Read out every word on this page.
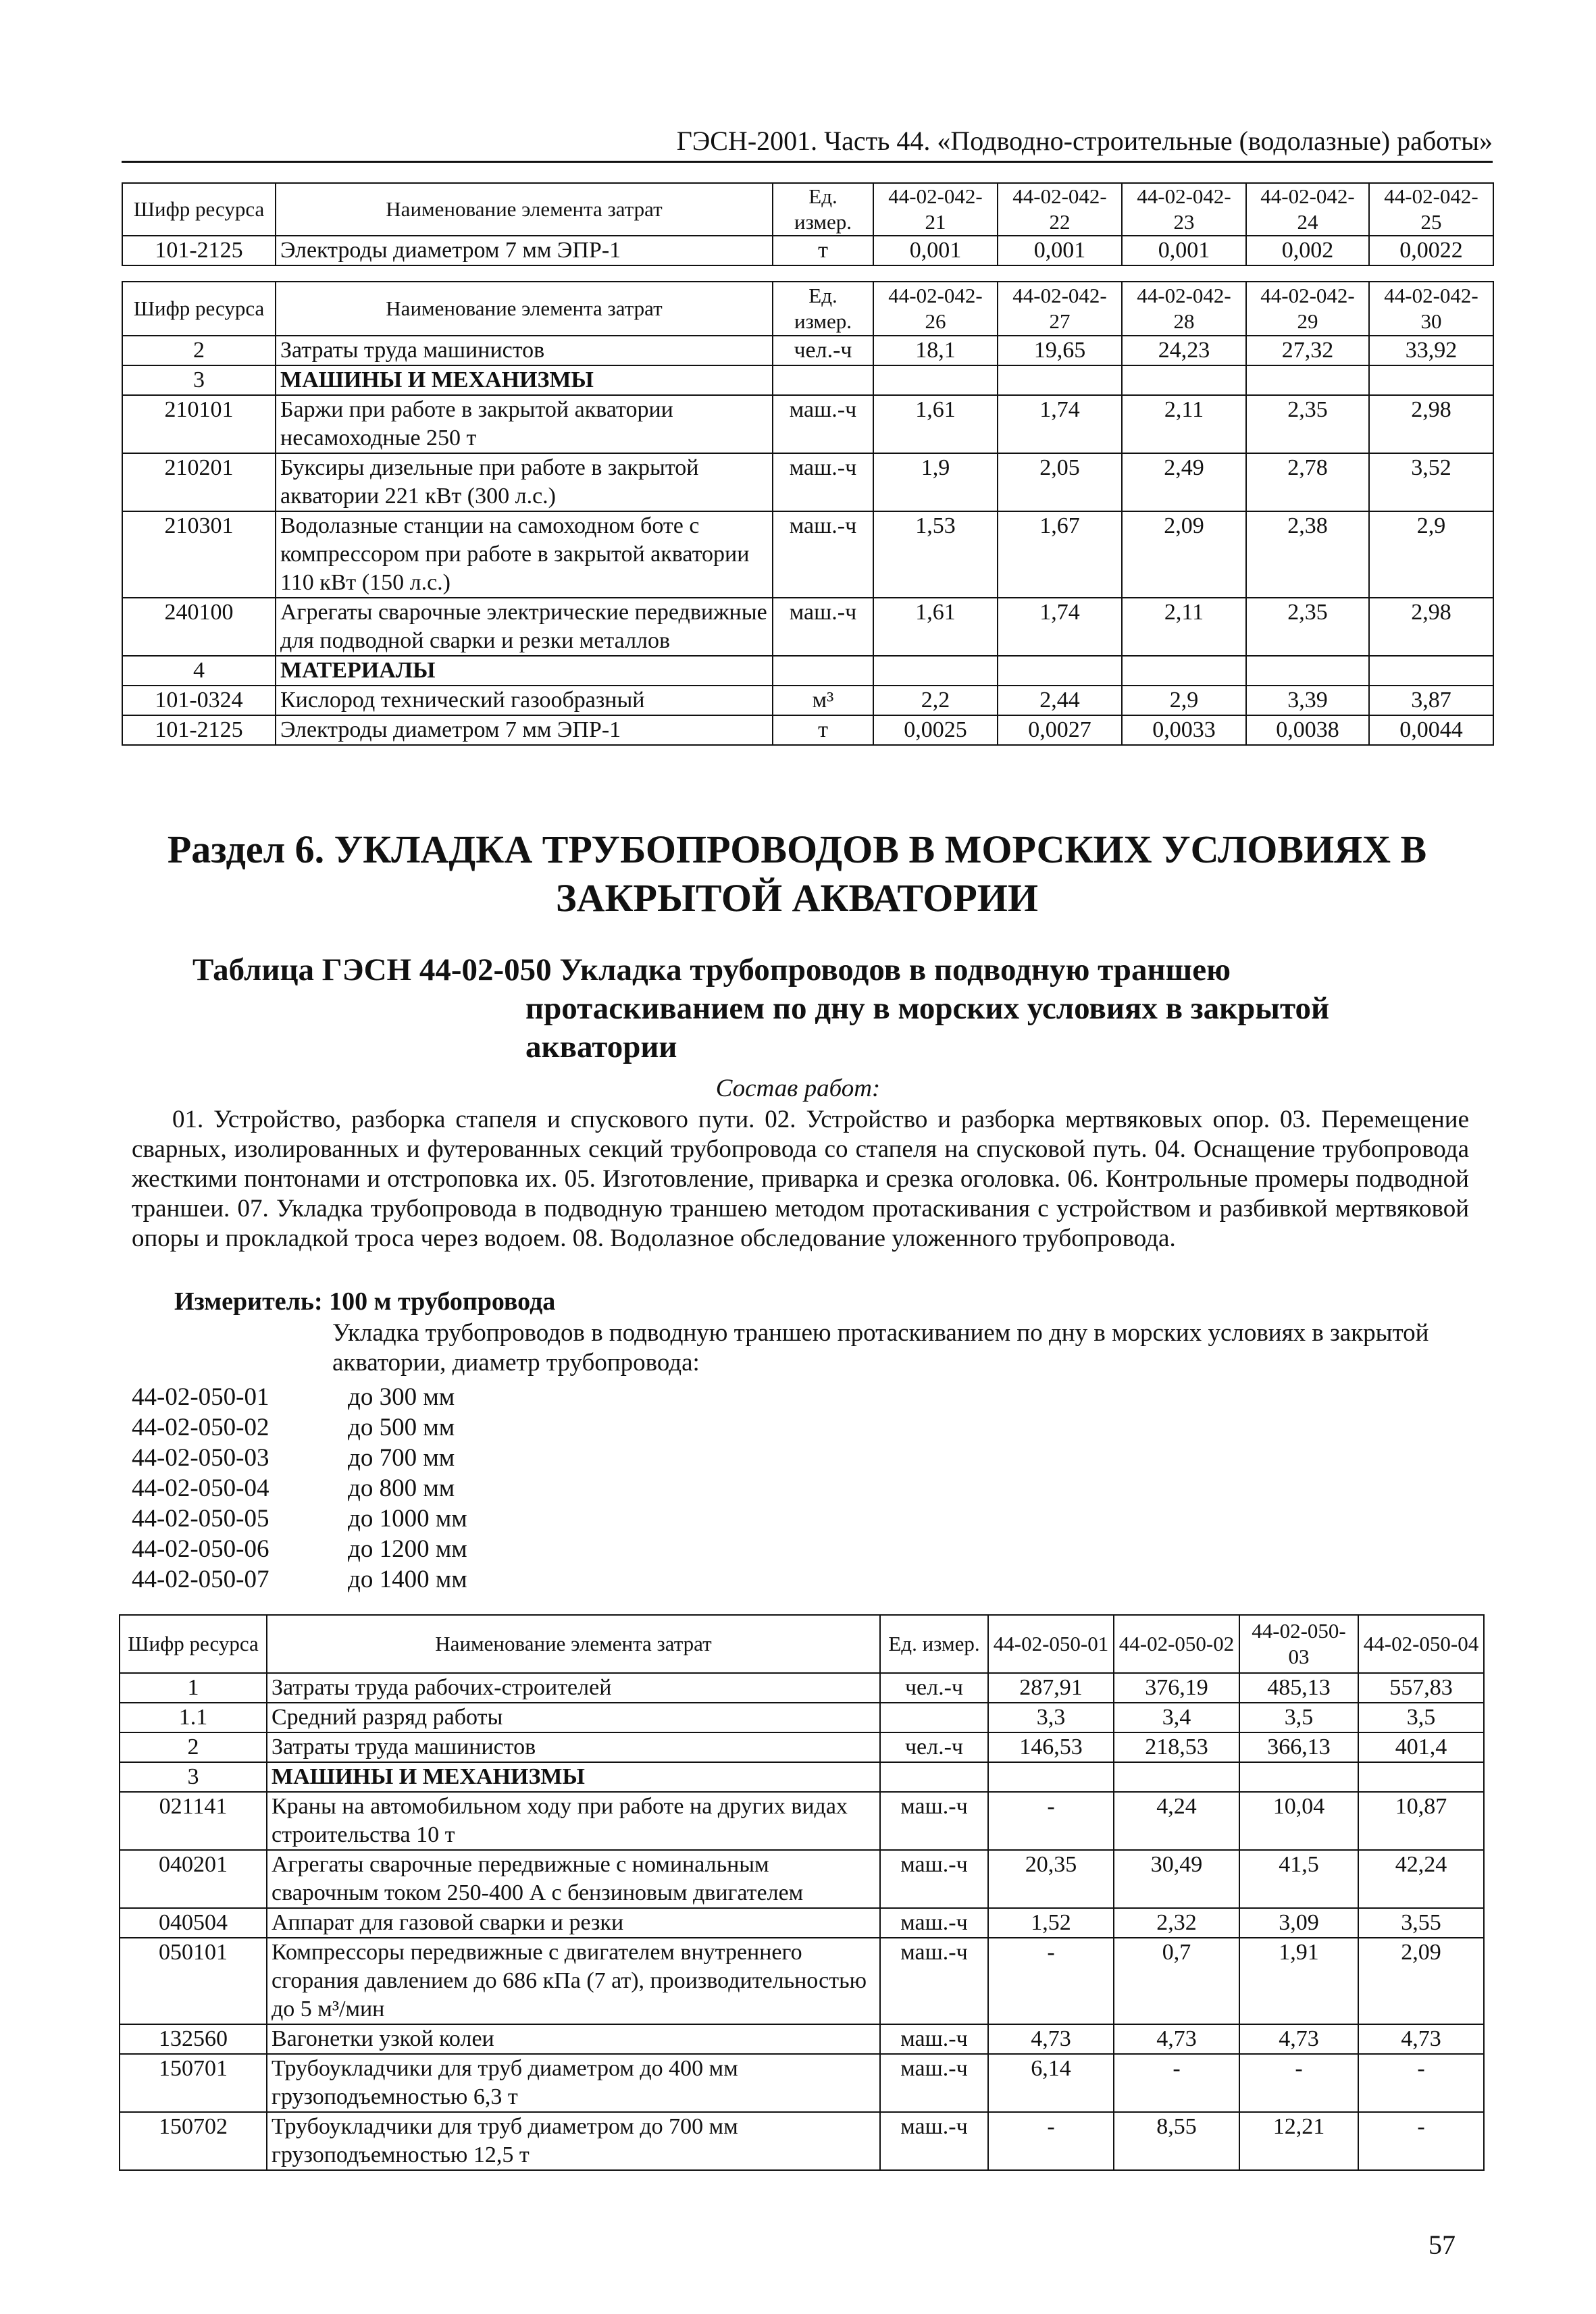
ГЭСН-2001. Часть 44. «Подводно-строительные (водолазные) работы»
Шифр ресурса	Наименование элемента затрат	Ед. измер.	44-02-042-21	44-02-042-22	44-02-042-23	44-02-042-24	44-02-042-25
101-2125	Электроды диаметром 7 мм ЭПР-1	т	0,001	0,001	0,001	0,002	0,0022
Шифр ресурса	Наименование элемента затрат	Ед. измер.	44-02-042-26	44-02-042-27	44-02-042-28	44-02-042-29	44-02-042-30
2	Затраты труда машинистов	чел.-ч	18,1	19,65	24,23	27,32	33,92
3	МАШИНЫ И МЕХАНИЗМЫ						
210101	Баржи при работе в закрытой акватории несамоходные 250 т	маш.-ч	1,61	1,74	2,11	2,35	2,98
210201	Буксиры дизельные при работе в закрытой акватории 221 кВт (300 л.с.)	маш.-ч	1,9	2,05	2,49	2,78	3,52
210301	Водолазные станции на самоходном боте с компрессором при работе в закрытой акватории 110 кВт (150 л.с.)	маш.-ч	1,53	1,67	2,09	2,38	2,9
240100	Агрегаты сварочные электрические передвижные для подводной сварки и резки металлов	маш.-ч	1,61	1,74	2,11	2,35	2,98
4	МАТЕРИАЛЫ						
101-0324	Кислород технический газообразный	м³	2,2	2,44	2,9	3,39	3,87
101-2125	Электроды диаметром 7 мм ЭПР-1	т	0,0025	0,0027	0,0033	0,0038	0,0044
Раздел 6. УКЛАДКА ТРУБОПРОВОДОВ В МОРСКИХ УСЛОВИЯХ В
ЗАКРЫТОЙ АКВАТОРИИ
Таблица ГЭСН 44-02-050 Укладка трубопроводов в подводную траншею
протаскиванием по дну в морских условиях в закрытой
акватории
Состав работ:
01. Устройство, разборка стапеля и спускового пути. 02. Устройство и разборка мертвяковых опор. 03. Перемещение сварных, изолированных и футерованных секций трубопровода со стапеля на спусковой путь. 04. Оснащение трубопровода жесткими понтонами и отстроповка их. 05. Изготовление, приварка и срезка оголовка. 06. Контрольные промеры подводной траншеи. 07. Укладка трубопровода в подводную траншею методом протаскивания с устройством и разбивкой мертвяковой опоры и прокладкой троса через водоем. 08. Водолазное обследование уложенного трубопровода.
Измеритель: 100 м трубопровода
Укладка трубопроводов в подводную траншею протаскиванием по дну в морских условиях в закрытой акватории, диаметр трубопровода:
44-02-050-01	до 300 мм
44-02-050-02	до 500 мм
44-02-050-03	до 700 мм
44-02-050-04	до 800 мм
44-02-050-05	до 1000 мм
44-02-050-06	до 1200 мм
44-02-050-07	до 1400 мм
Шифр ресурса	Наименование элемента затрат	Ед. измер.	44-02-050-01	44-02-050-02	44-02-050-03	44-02-050-04
1	Затраты труда рабочих-строителей	чел.-ч	287,91	376,19	485,13	557,83
1.1	Средний разряд работы		3,3	3,4	3,5	3,5
2	Затраты труда машинистов	чел.-ч	146,53	218,53	366,13	401,4
3	МАШИНЫ И МЕХАНИЗМЫ					
021141	Краны на автомобильном ходу при работе на других видах строительства 10 т	маш.-ч	-	4,24	10,04	10,87
040201	Агрегаты сварочные передвижные с номинальным сварочным током 250-400 А с бензиновым двигателем	маш.-ч	20,35	30,49	41,5	42,24
040504	Аппарат для газовой сварки и резки	маш.-ч	1,52	2,32	3,09	3,55
050101	Компрессоры передвижные с двигателем внутреннего сгорания давлением до 686 кПа (7 ат), производительностью до 5 м³/мин	маш.-ч	-	0,7	1,91	2,09
132560	Вагонетки узкой колеи	маш.-ч	4,73	4,73	4,73	4,73
150701	Трубоукладчики для труб диаметром до 400 мм грузоподъемностью 6,3 т	маш.-ч	6,14	-	-	-
150702	Трубоукладчики для труб диаметром до 700 мм грузоподъемностью 12,5 т	маш.-ч	-	8,55	12,21	-
57
